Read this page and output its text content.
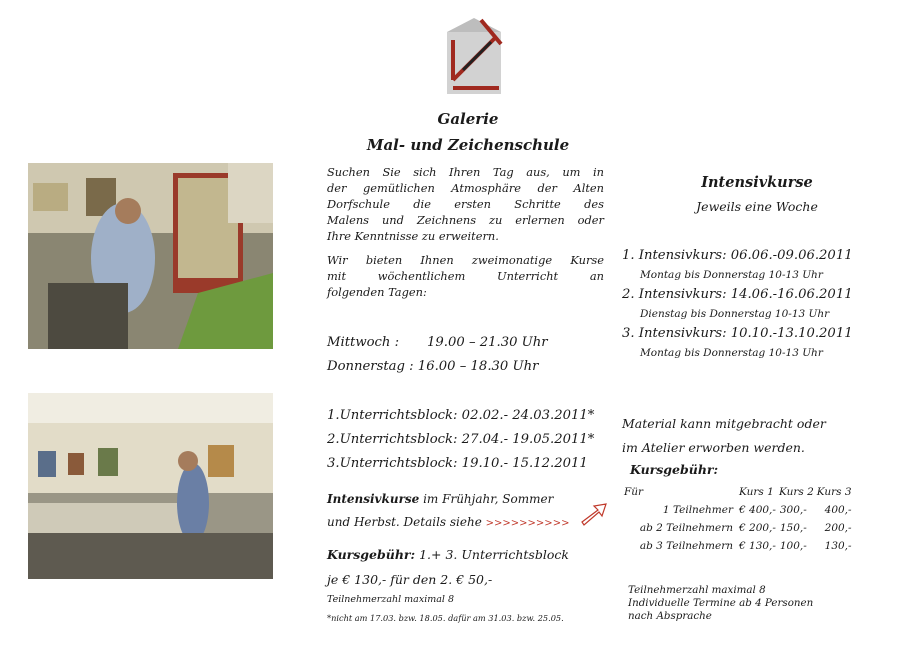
Galerie
Mal- und Zeichenschule
Suchen Sie sich Ihren Tag aus, um in
der gemütlichen Atmosphäre der Alten
Dorfschule die ersten Schritte des
Malens und Zeichnens zu erlernen oder
Ihre Kenntnisse zu erweitern.
Wir bieten Ihnen zweimonatige Kurse
mit wöchentlichem Unterricht an
folgenden Tagen:
Mittwoch : 19.00 – 21.30 Uhr
Donnerstag : 16.00 – 18.30 Uhr
1.Unterrichtsblock: 02.02.- 24.03.2011*
2.Unterrichtsblock: 27.04.- 19.05.2011*
3.Unterrichtsblock: 19.10.- 15.12.2011
Intensivkurse im Frühjahr, Sommer
und Herbst. Details siehe >>>>>>>>>>
Kursgebühr: 1.+ 3. Unterrichtsblock
je € 130,- für den 2. € 50,-
Teilnehmerzahl maximal 8
*nicht am 17.03. bzw. 18.05. dafür am 31.03. bzw. 25.05.
Intensivkurse
Jeweils eine Woche
1. Intensivkurs: 06.06.-09.06.2011
Montag bis Donnerstag 10-13 Uhr
2. Intensivkurs: 14.06.-16.06.2011
Dienstag bis Donnerstag 10-13 Uhr
3. Intensivkurs: 10.10.-13.10.2011
Montag bis Donnerstag 10-13 Uhr
Material kann mitgebracht oder
im Atelier erworben werden.
Kursgebühr:
Für	Kurs 1	Kurs 2	Kurs 3
1 Teilnehmer	€ 400,-	300,-	400,-
ab 2 Teilnehmern	€ 200,-	150,-	200,-
ab 3 Teilnehmern	€ 130,-	100,-	130,-
Teilnehmerzahl maximal 8
Individuelle Termine ab 4 Personen
nach Absprache
